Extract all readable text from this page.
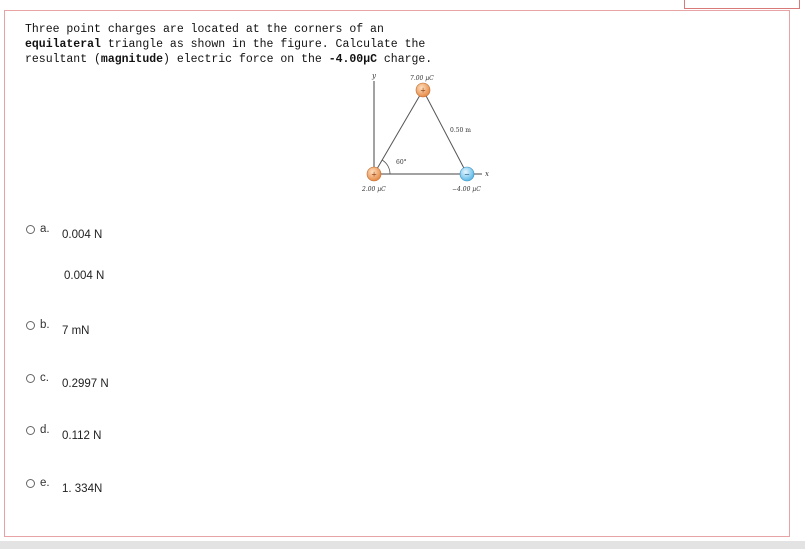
Three point charges are located at the corners of an
equilateral triangle as shown in the figure. Calculate the
resultant (magnitude) electric force on the -4.00µC charge.
y
x
60°
0.50 m
7.00 µC
+
+
2.00 µC
−
−4.00 µC
a.	0.004 N
0.004 N
b.	7 mN
c.	0.2997 N
d.	0.112 N
e.	1. 334N
